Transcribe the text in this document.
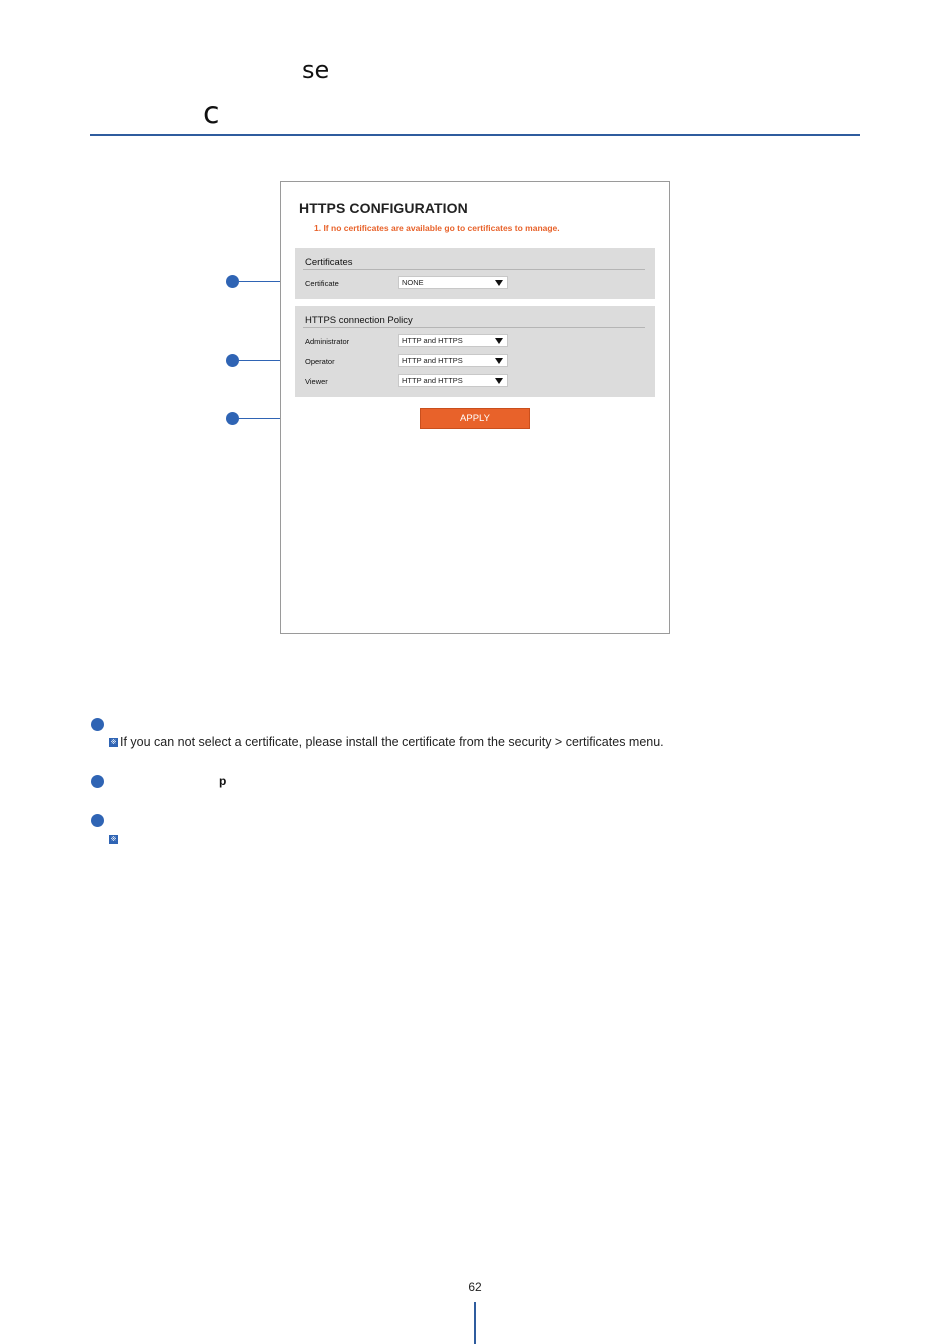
se
c
HTTPS CONFIGURATION
1. If no certificates are available go to certificates to manage.
Certificates
Certificate	NONE
HTTPS connection Policy
Administrator	HTTP and HTTPS
Operator	HTTP and HTTPS
Viewer	HTTP and HTTPS
APPLY
※ If you can not select a certificate, please install the certificate from the security > certificates menu.
p
※
62
